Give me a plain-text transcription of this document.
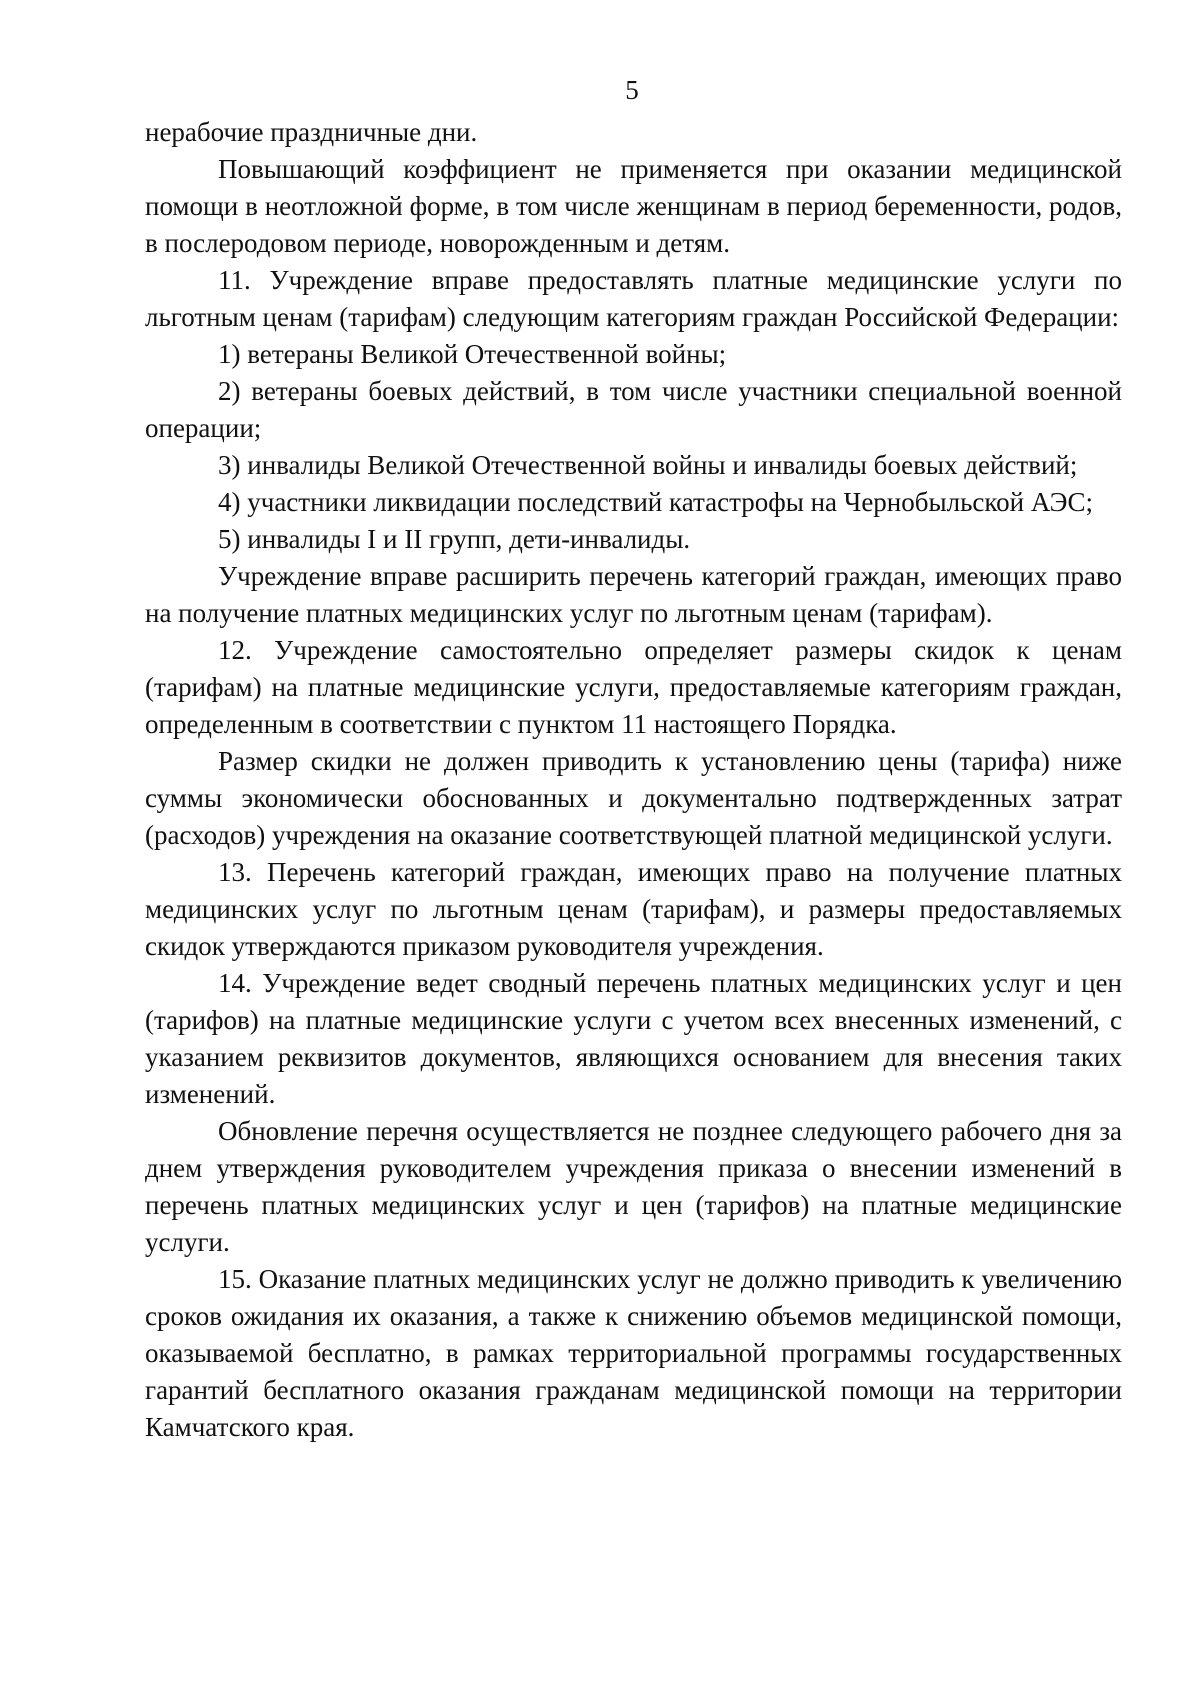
5

нерабочие праздничные дни.

Повышающий коэффициент не применяется при оказании медицинской помощи в неотложной форме, в том числе женщинам в период беременности, родов, в послеродовом периоде, новорожденным и детям.

11. Учреждение вправе предоставлять платные медицинские услуги по льготным ценам (тарифам) следующим категориям граждан Российской Федерации:

1) ветераны Великой Отечественной войны;

2) ветераны боевых действий, в том числе участники специальной военной операции;

3) инвалиды Великой Отечественной войны и инвалиды боевых действий;

4) участники ликвидации последствий катастрофы на Чернобыльской АЭС;

5) инвалиды I и II групп, дети-инвалиды.

Учреждение вправе расширить перечень категорий граждан, имеющих право на получение платных медицинских услуг по льготным ценам (тарифам).

12. Учреждение самостоятельно определяет размеры скидок к ценам (тарифам) на платные медицинские услуги, предоставляемые категориям граждан, определенным в соответствии с пунктом 11 настоящего Порядка.

Размер скидки не должен приводить к установлению цены (тарифа) ниже суммы экономически обоснованных и документально подтвержденных затрат (расходов) учреждения на оказание соответствующей платной медицинской услуги.

13. Перечень категорий граждан, имеющих право на получение платных медицинских услуг по льготным ценам (тарифам), и размеры предоставляемых скидок утверждаются приказом руководителя учреждения.

14. Учреждение ведет сводный перечень платных медицинских услуг и цен (тарифов) на платные медицинские услуги с учетом всех внесенных изменений, с указанием реквизитов документов, являющихся основанием для внесения таких изменений.

Обновление перечня осуществляется не позднее следующего рабочего дня за днем утверждения руководителем учреждения приказа о внесении изменений в перечень платных медицинских услуг и цен (тарифов) на платные медицинские услуги.

15. Оказание платных медицинских услуг не должно приводить к увеличению сроков ожидания их оказания, а также к снижению объемов медицинской помощи, оказываемой бесплатно, в рамках территориальной программы государственных гарантий бесплатного оказания гражданам медицинской помощи на территории Камчатского края.
